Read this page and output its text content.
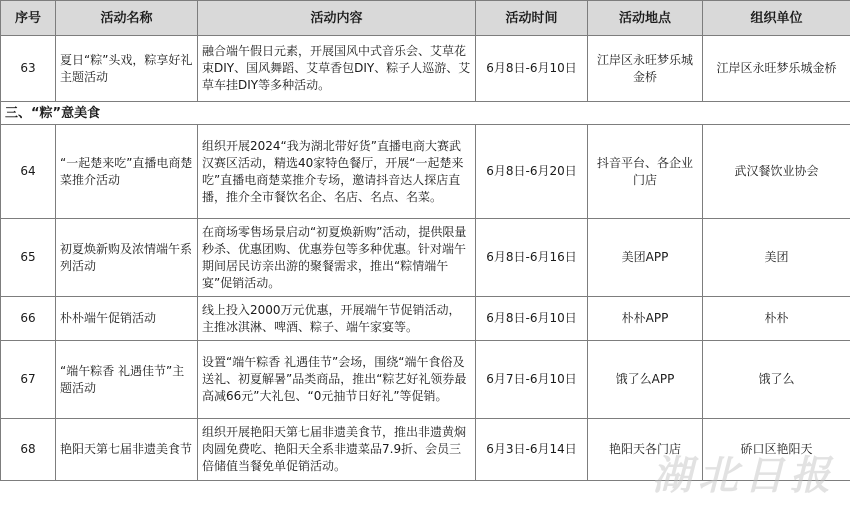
序号	活动名称	活动内容	活动时间	活动地点	组织单位
63	夏日“粽”头戏，粽享好礼主题活动	融合端午假日元素，开展国风中式音乐会、艾草花束DIY、国风舞蹈、艾草香包DIY、粽子人巡游、艾草车挂DIY等多种活动。	6月8日-6月10日	江岸区永旺梦乐城金桥	江岸区永旺梦乐城金桥
三、“粽”意美食					
64	“一起楚来吃”直播电商楚菜推介活动	组织开展2024“我为湖北带好货”直播电商大赛武汉赛区活动，精选40家特色餐厅，开展“一起楚来吃”直播电商楚菜推介专场，邀请抖音达人探店直播，推介全市餐饮名企、名店、名点、名菜。	6月8日-6月20日	抖音平台、各企业门店	武汉餐饮业协会
65	初夏焕新购及浓情端午系列活动	在商场零售场景启动“初夏焕新购”活动，提供限量秒杀、优惠团购、优惠券包等多种优惠。针对端午期间居民访亲出游的聚餐需求，推出“粽情端午宴”促销活动。	6月8日-6月16日	美团APP	美团
66	朴朴端午促销活动	线上投入2000万元优惠，开展端午节促销活动，主推冰淇淋、啤酒、粽子、端午家宴等。	6月8日-6月10日	朴朴APP	朴朴
67	“端午粽香 礼遇佳节”主题活动	设置“端午粽香 礼遇佳节”会场，围绕“端午食俗及送礼、初夏解暑”品类商品，推出“粽艺好礼领券最高减66元”大礼包、“0元抽节日好礼”等促销。	6月7日-6月10日	饿了么APP	饿了么
68	艳阳天第七届非遗美食节	组织开展艳阳天第七届非遗美食节，推出非遗黄焖肉圆免费吃、艳阳天全系非遗菜品7.9折、会员三倍储值当餐免单促销活动。	6月3日-6月14日	艳阳天各门店	硚口区艳阳天
湖北日报
